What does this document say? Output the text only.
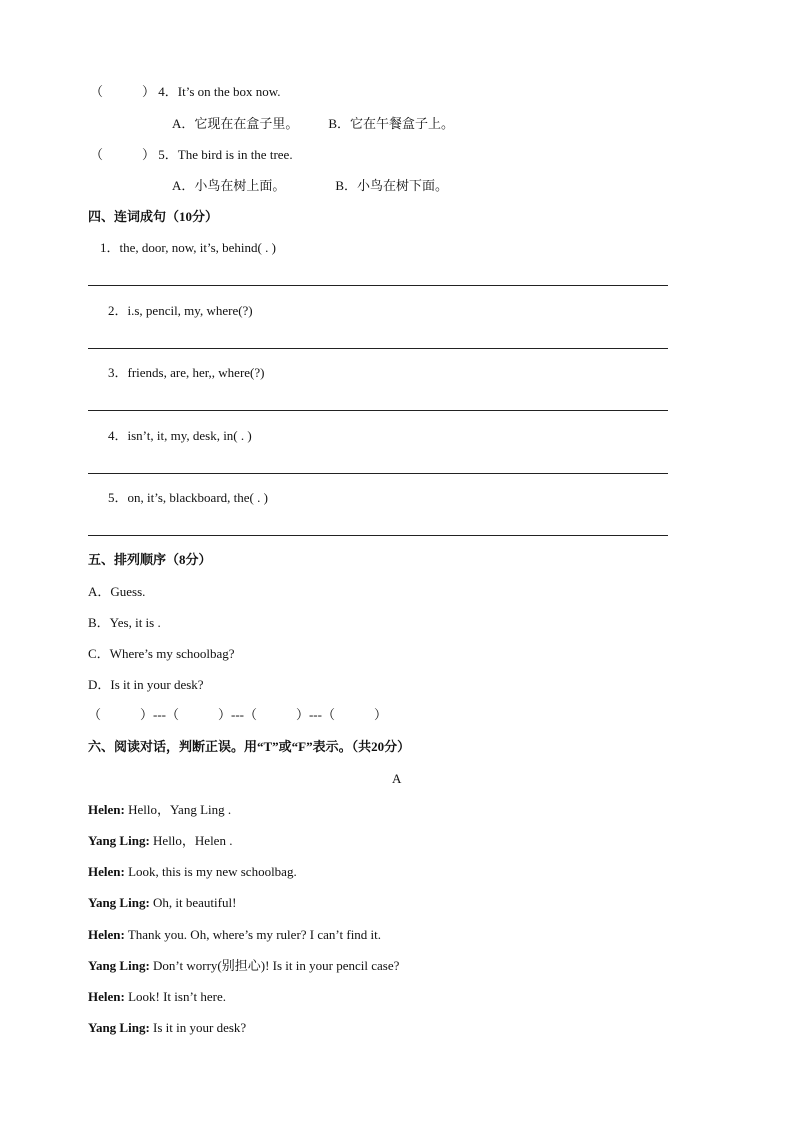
（　　　） 4．It’s on the box now.
A．它现在在盒子里。 B．它在午餐盒子上。
（　　　） 5．The bird is in the tree.
A．小鸟在树上面。	B．小鸟在树下面。
四、连词成句（10分）
1．the, door, now, it’s, behind( . )
2．i.s, pencil, my, where(?)
3．friends, are, her,, where(?)
4．isn’t, it, my, desk, in( . )
5．on, it’s, blackboard, the( . )
五、排列顺序（8分）
A．Guess.
B．Yes, it is .
C．Where’s my schoolbag?
D．Is it in your desk?
（　　　）---（　　　）---（　　　）---（　　　）
六、阅读对话，判断正误。用“T”或“F”表示。（共20分）
A
Helen: Hello，Yang Ling .
Yang Ling: Hello，Helen .
Helen: Look, this is my new schoolbag.
Yang Ling: Oh, it beautiful!
Helen: Thank you. Oh, where’s my ruler? I can’t find it.
Yang Ling: Don’t worry(别担心)! Is it in your pencil case?
Helen: Look! It isn’t here.
Yang Ling: Is it in your desk?
